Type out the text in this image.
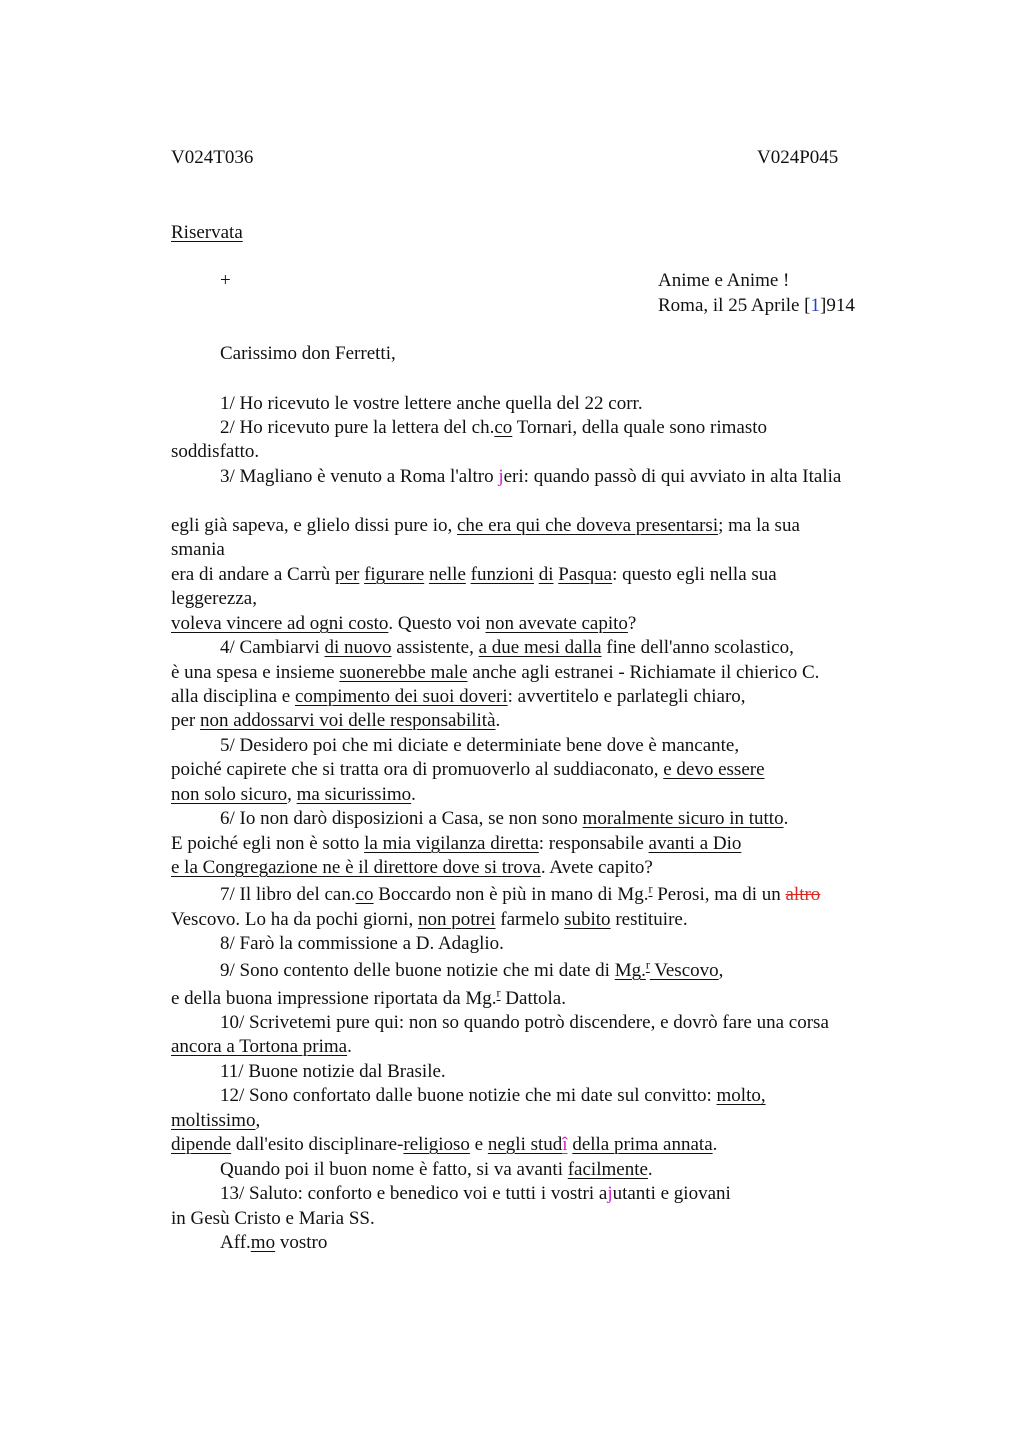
V024T036	V024P045
Riservata
+	Anime e Anime !
Roma, il 25 Aprile [1]914
Carissimo don Ferretti,
1/ Ho ricevuto le vostre lettere anche quella del 22 corr.
2/ Ho ricevuto pure la lettera del ch.co Tornari, della quale sono rimasto
soddisfatto.
3/ Magliano è venuto a Roma l'altro jeri: quando passò di qui avviato in alta Italia
egli già sapeva, e glielo dissi pure io, che era qui che doveva presentarsi; ma la sua
smania
era di andare a Carrù per figurare nelle funzioni di Pasqua: questo egli nella sua
leggerezza,
voleva vincere ad ogni costo. Questo voi non avevate capito?
4/ Cambiarvi di nuovo assistente, a due mesi dalla fine dell'anno scolastico,
è una spesa e insieme suonerebbe male anche agli estranei - Richiamate il chierico C.
alla disciplina e compimento dei suoi doveri: avvertitelo e parlategli chiaro,
per non addossarvi voi delle responsabilità.
5/ Desidero poi che mi diciate e determiniate bene dove è mancante,
poiché capirete che si tratta ora di promuoverlo al suddiaconato, e devo essere
non solo sicuro, ma sicurissimo.
6/ Io non darò disposizioni a Casa, se non sono moralmente sicuro in tutto.
E poiché egli non è sotto la mia vigilanza diretta: responsabile avanti a Dio
e la Congregazione ne è il direttore dove si trova. Avete capito?
7/ Il libro del can.co Boccardo non è più in mano di Mg.$^r$ Perosi, ma di un altro
Vescovo. Lo ha da pochi giorni, non potrei farmelo subito restituire.
8/ Farò la commissione a D. Adaglio.
9/ Sono contento delle buone notizie che mi date di Mg.$^r$ Vescovo,
e della buona impressione riportata da Mg.$^r$ Dattola.
10/ Scrivetemi pure qui: non so quando potrò discendere, e dovrò fare una corsa
ancora a Tortona prima.
11/ Buone notizie dal Brasile.
12/ Sono confortato dalle buone notizie che mi date sul convitto: molto,
moltissimo,
dipende dall'esito disciplinare-religioso e negli studî della prima annata.
Quando poi il buon nome è fatto, si va avanti facilmente.
13/ Saluto: conforto e benedico voi e tutti i vostri ajutanti e giovani
in Gesù Cristo e Maria SS.
Aff.mo vostro
